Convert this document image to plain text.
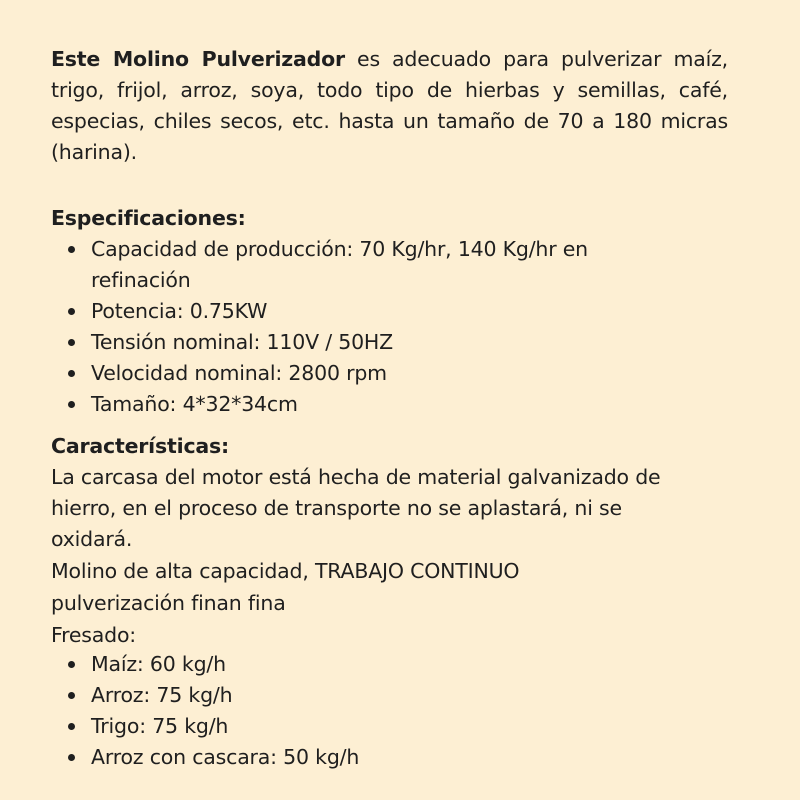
Este Molino Pulverizador es adecuado para pulverizar maíz, trigo, frijol, arroz, soya, todo tipo de hierbas y semillas, café, especias, chiles secos, etc. hasta un tamaño de 70 a 180 micras (harina).

Especificaciones:

Capacidad de producción: 70 Kg/hr, 140 Kg/hr en refinación
Potencia: 0.75KW
Tensión nominal: 110V / 50HZ
Velocidad nominal: 2800 rpm
Tamaño: 4*32*34cm

Características:

La carcasa del motor está hecha de material galvanizado de

hierro, en el proceso de transporte no se aplastará, ni se

oxidará.

Molino de alta capacidad, TRABAJO CONTINUO

pulverización finan fina

Fresado:

Maíz: 60 kg/h
Arroz: 75 kg/h
Trigo: 75 kg/h
Arroz con cascara: 50 kg/h
